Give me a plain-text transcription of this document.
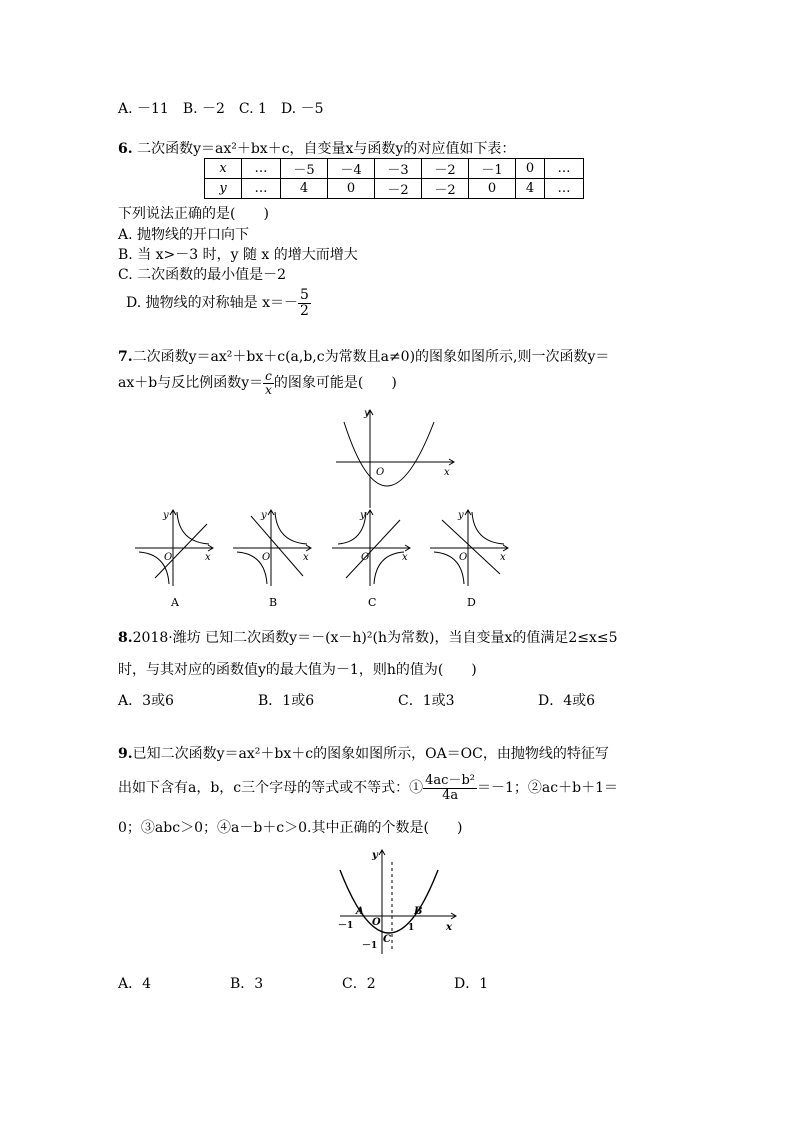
A. －11　B. －2　C. 1　D. －5
6. 二次函数y＝ax²＋bx＋c，自变量x与函数y的对应值如下表：
x	…	－5	－4	－3	－2	－1	0	…
y	…	4	0	－2	－2	0	4	…
下列说法正确的是(　　)
A. 抛物线的开口向下
B. 当 x>－3 时，y 随 x 的增大而增大
C. 二次函数的最小值是－2
D. 抛物线的对称轴是 $x=- \frac{5}{2}$
7.二次函数y＝ax²＋bx＋c(a,b,c为常数且a≠0)的图象如图所示,则一次函数y＝
ax＋b与反比例函数$y= \frac{c}{x}$ 的图象可能是(　　)
y
x
O
y
x
O
y
x
O
y
x
O
y
x
O
A	B	C	D
8.2018·潍坊 已知二次函数y＝－(x－h)²(h为常数)，当自变量x的值满足2≤x≤5
时，与其对应的函数值y的最大值为－1，则h的值为(　　)
A．3或6	B．1或6	C．1或3	D．4或6
9.已知二次函数y＝ax²＋bx＋c的图象如图所示，OA＝OC，由抛物线的特征写
出如下含有a，b，c三个字母的等式或不等式：① $\frac{\text{4ac－b²}}{4a} =-1$；②ac＋b＋1＝
0；③abc＞0；④a－b＋c＞0.其中正确的个数是(　　)
y
x
O
A	B
C
－1	1
－1
A．4	B．3	C．2	D．1
